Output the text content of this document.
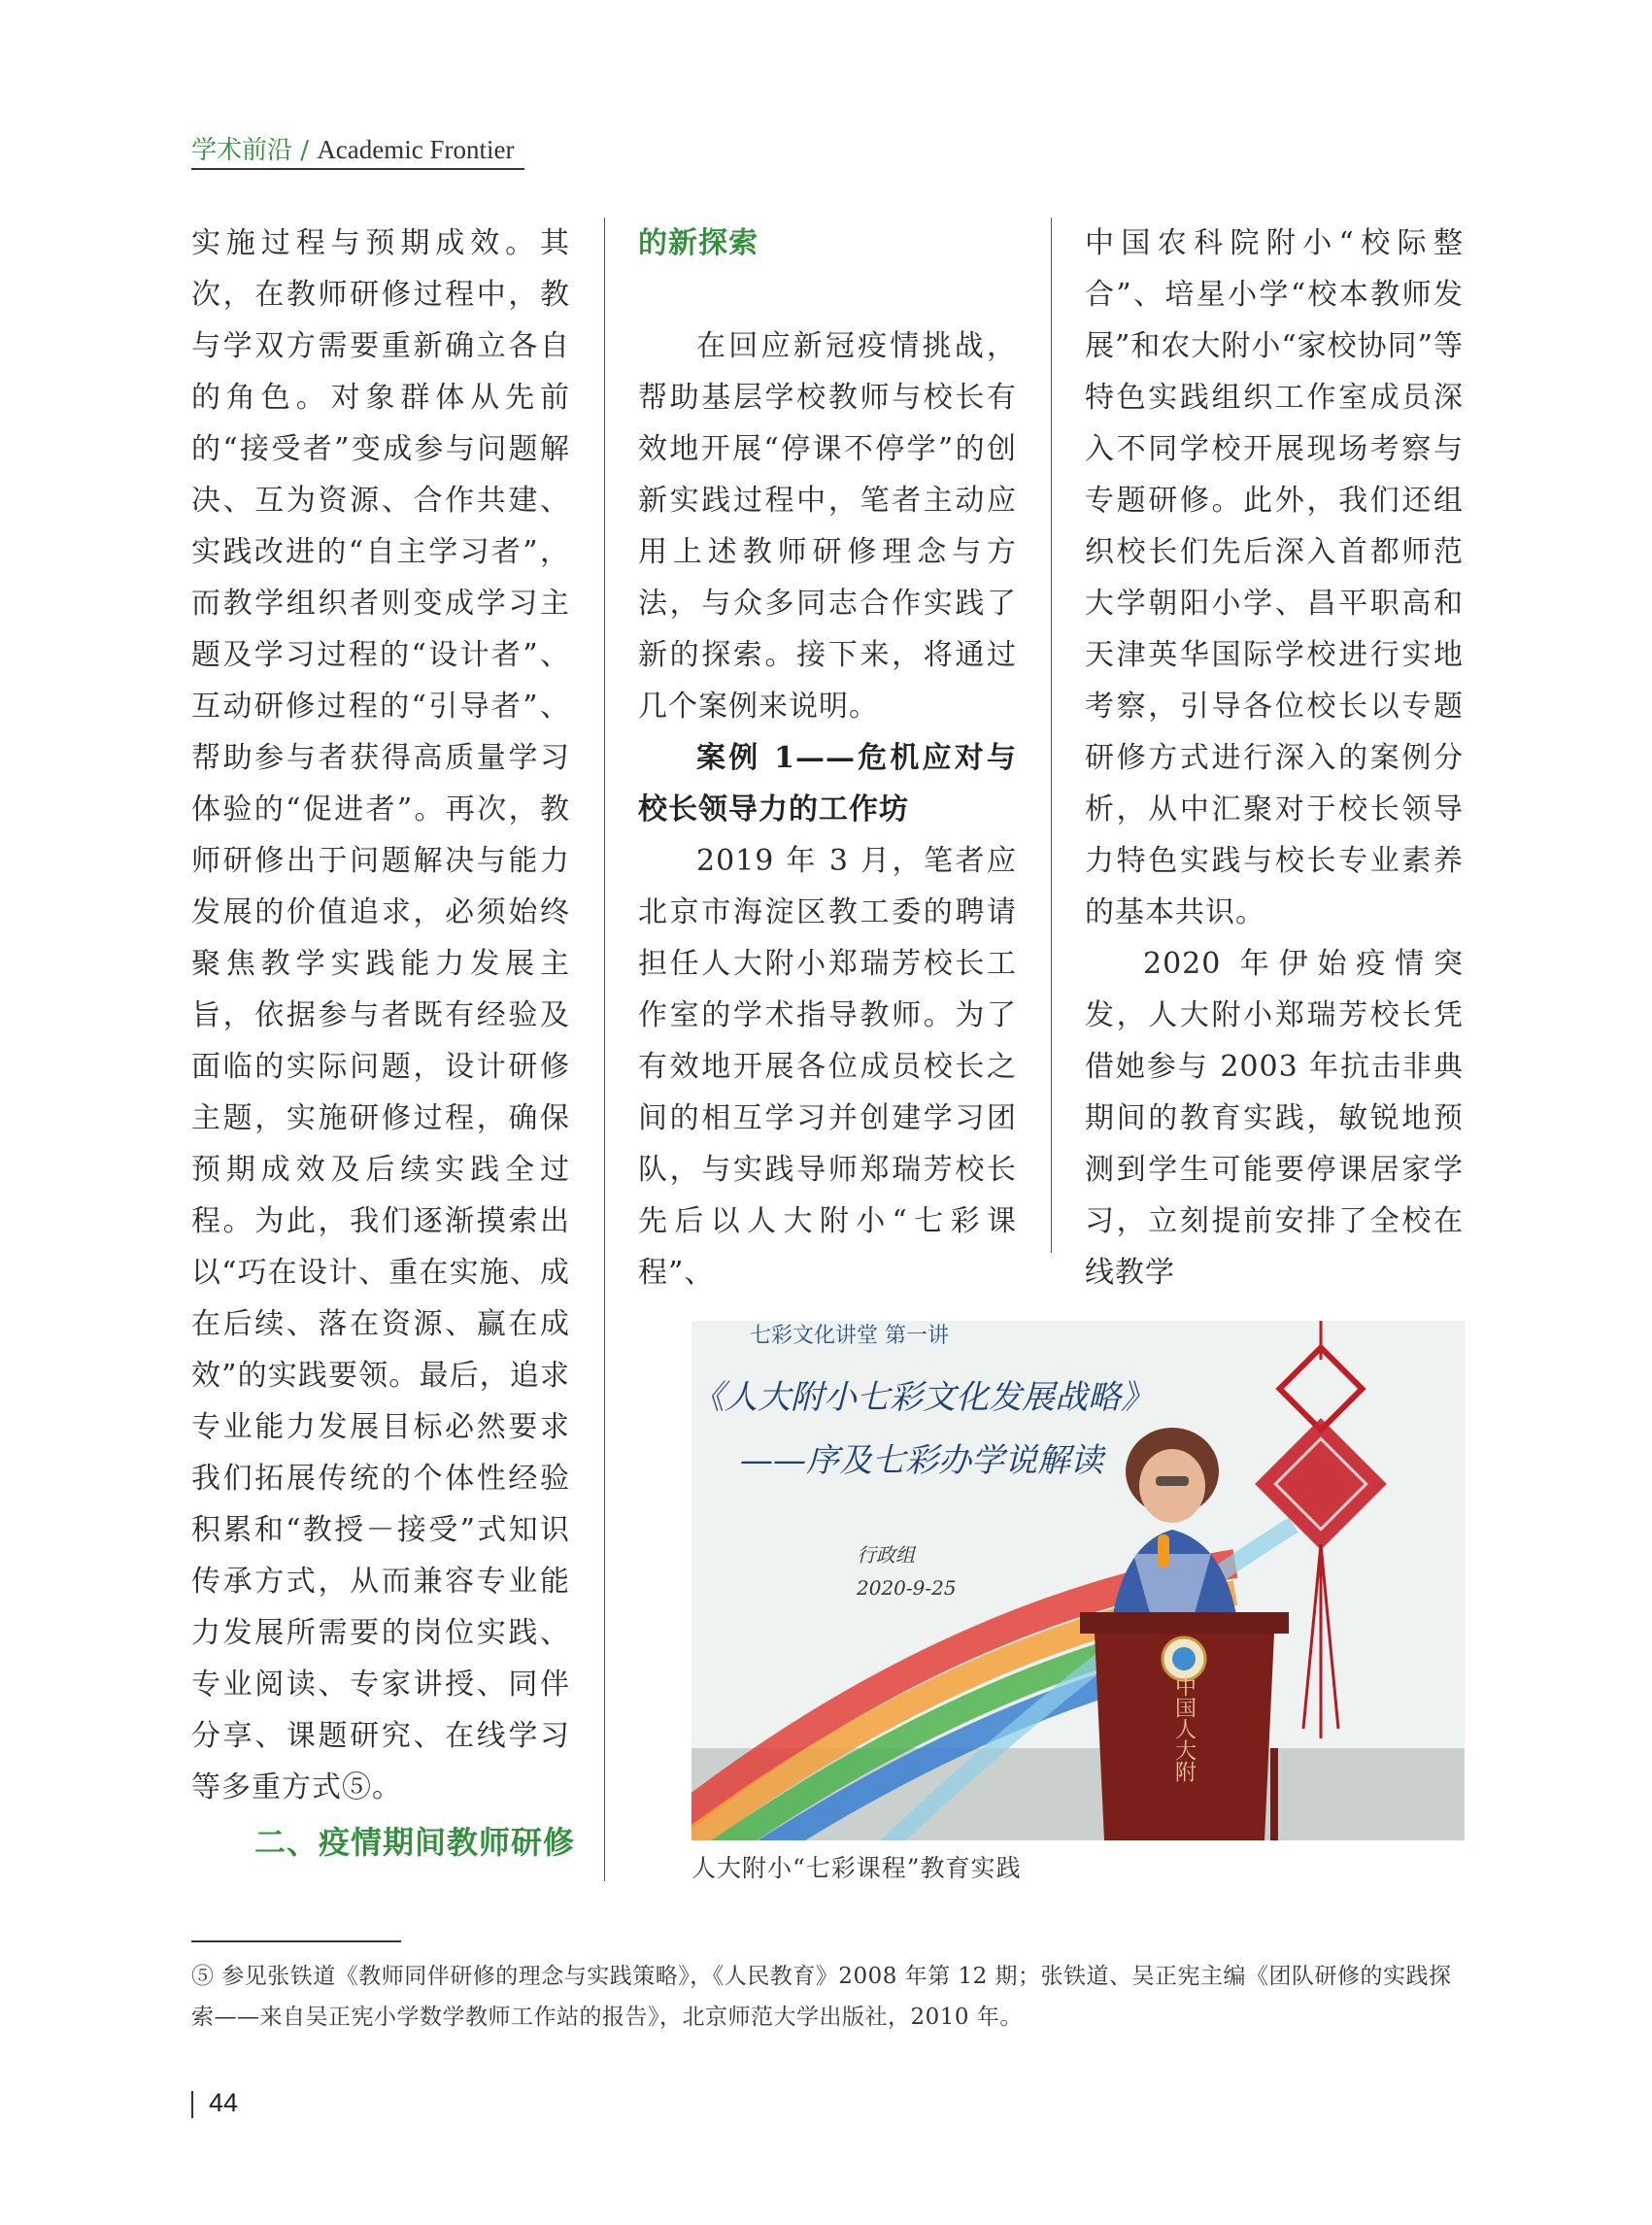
学术前沿 / Academic Frontier

实施过程与预期成效。其次，在教师研修过程中，教与学双方需要重新确立各自的角色。对象群体从先前的“接受者”变成参与问题解决、互为资源、合作共建、实践改进的“自主学习者”，而教学组织者则变成学习主题及学习过程的“设计者”、互动研修过程的“引导者”、帮助参与者获得高质量学习体验的“促进者”。再次，教师研修出于问题解决与能力发展的价值追求，必须始终聚焦教学实践能力发展主旨，依据参与者既有经验及面临的实际问题，设计研修主题，实施研修过程，确保预期成效及后续实践全过程。为此，我们逐渐摸索出以“巧在设计、重在实施、成在后续、落在资源、赢在成效”的实践要领。最后，追求专业能力发展目标必然要求我们拓展传统的个体性经验积累和“教授－接受”式知识传承方式，从而兼容专业能力发展所需要的岗位实践、专业阅读、专家讲授、同伴分享、课题研究、在线学习等多重方式⑤。

二、疫情期间教师研修

的新探索

在回应新冠疫情挑战，帮助基层学校教师与校长有效地开展“停课不停学”的创新实践过程中，笔者主动应用上述教师研修理念与方法，与众多同志合作实践了新的探索。接下来，将通过几个案例来说明。

案例 1——危机应对与校长领导力的工作坊

2019 年 3 月，笔者应北京市海淀区教工委的聘请担任人大附小郑瑞芳校长工作室的学术指导教师。为了有效地开展各位成员校长之间的相互学习并创建学习团队，与实践导师郑瑞芳校长先后以人大附小“七彩课程”、

中国农科院附小“校际整合”、培星小学“校本教师发展”和农大附小“家校协同”等特色实践组织工作室成员深入不同学校开展现场考察与专题研修。此外，我们还组织校长们先后深入首都师范大学朝阳小学、昌平职高和天津英华国际学校进行实地考察，引导各位校长以专题研修方式进行深入的案例分析，从中汇聚对于校长领导力特色实践与校长专业素养的基本共识。

2020 年伊始疫情突发，人大附小郑瑞芳校长凭借她参与 2003 年抗击非典期间的教育实践，敏锐地预测到学生可能要停课居家学习，立刻提前安排了全校在线教学

七彩文化讲堂 第一讲
《人大附小七彩文化发展战略》
——序及七彩办学说解读
行政组
2020-9-25
中国人大附
人大附小“七彩课程”教育实践
⑤ 参见张铁道《教师同伴研修的理念与实践策略》，《人民教育》2008 年第 12 期；张铁道、吴正宪主编《团队研修的实践探索——来自吴正宪小学数学教师工作站的报告》，北京师范大学出版社，2010 年。
44
